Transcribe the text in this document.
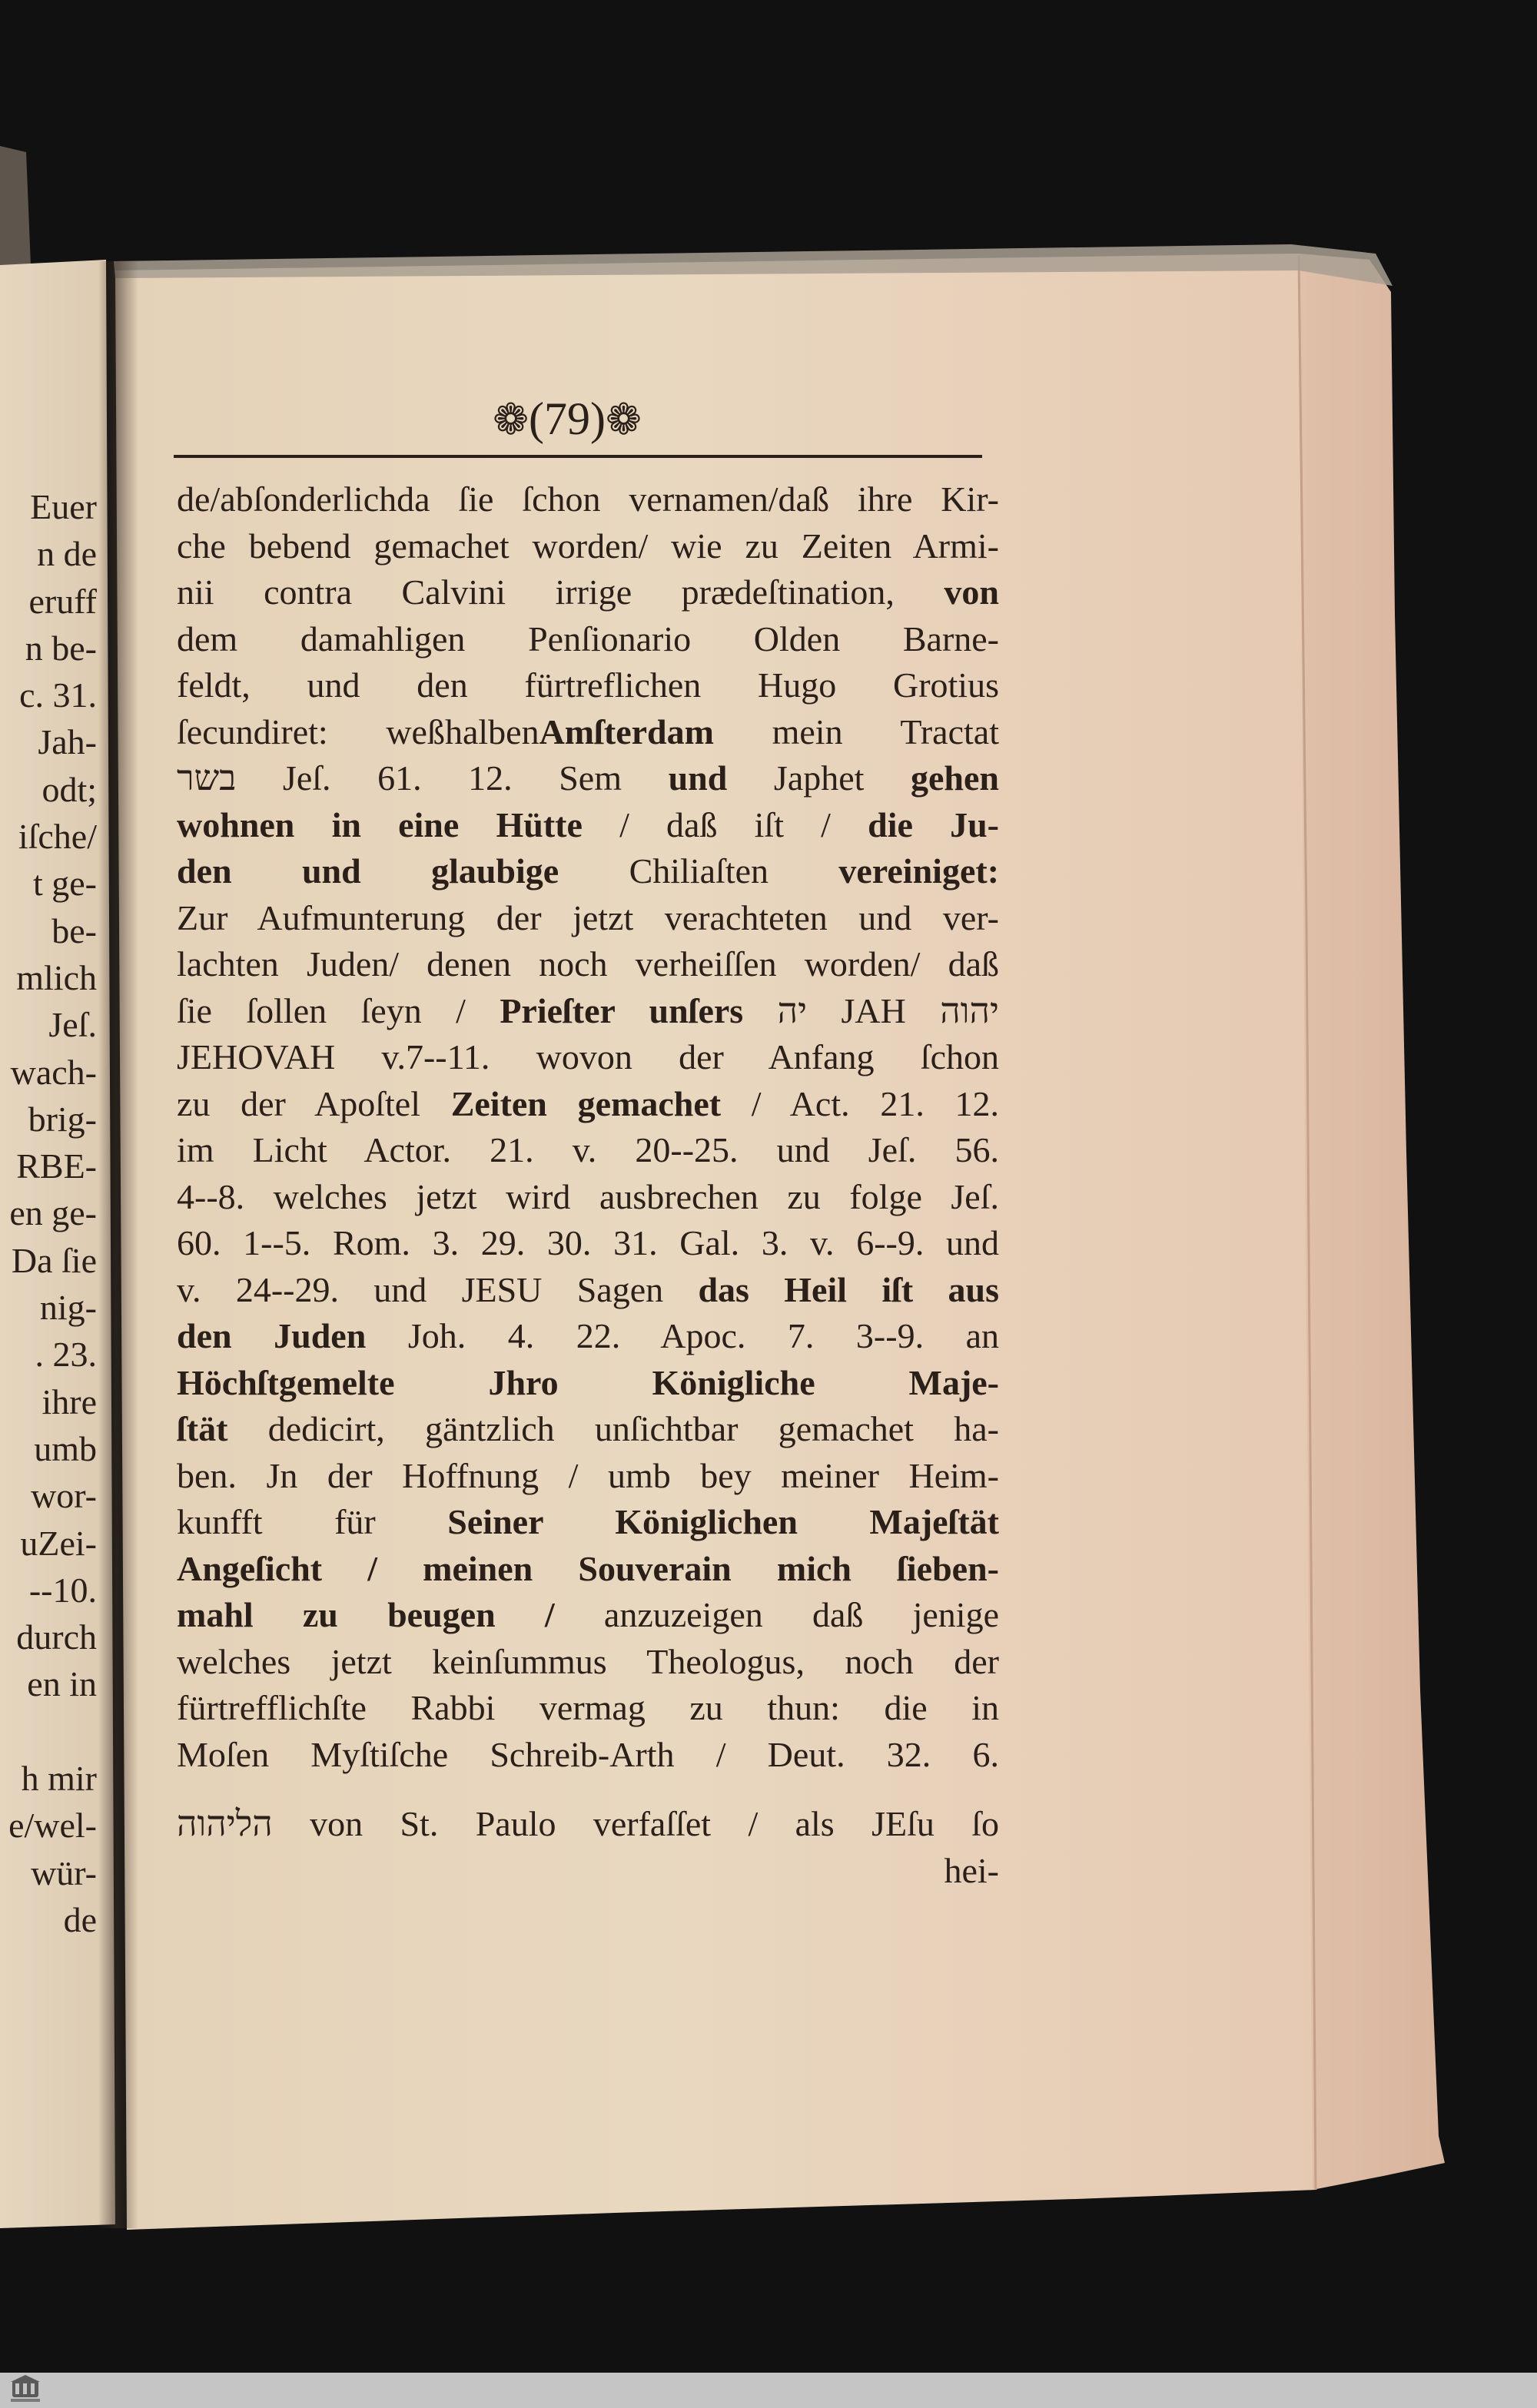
Euer
n de
eruff
n be-
c. 31.
Jah-
odt;
iſche/
t ge-
be-
mlich
Jeſ.
wach-
brig-
RBE-
en ge-
Da ſie
nig-
. 23.
ihre
umb
wor-
uZei-
--10.
durch
en in
h mir
e/wel-
wür-
de
❁ (79)❁
de/abſonderlichda ſie ſchon vernamen/daß ihre Kir-
che bebend gemachet worden/ wie zu Zeiten Armi-
nii contra Calvini irrige prædeſtination, von
dem damahligen Penſionario Olden Barne-
feldt, und den fürtreflichen Hugo Grotius
ſecundiret: weßhalbenAmſterdam mein Tractat
בשר Jeſ. 61. 12. Sem und Japhet gehen
wohnen in eine Hütte / daß iſt / die Ju-
den und glaubige Chiliaſten vereiniget:
Zur Aufmunterung der jetzt verachteten und ver-
lachten Juden/ denen noch verheiſſen worden/ daß
ſie ſollen ſeyn / Prieſter unſers יה JAH יהוה
JEHOVAH v.7--11. wovon der Anfang ſchon
zu der Apoſtel Zeiten gemachet / Act. 21. 12.
im Licht Actor. 21. v. 20--25. und Jeſ. 56.
4--8. welches jetzt wird ausbrechen zu folge Jeſ.
60. 1--5. Rom. 3. 29. 30. 31. Gal. 3. v. 6--9. und
v. 24--29. und JESU Sagen das Heil iſt aus
den Juden Joh. 4. 22. Apoc. 7. 3--9. an
Höchſtgemelte Jhro Königliche Maje-
ſtät dedicirt, gäntzlich unſichtbar gemachet ha-
ben. Jn der Hoffnung / umb bey meiner Heim-
kunfft für Seiner Königlichen Majeſtät
Angeſicht / meinen Souverain mich ſieben-
mahl zu beugen / anzuzeigen daß jenige
welches jetzt keinſummus Theologus, noch der
fürtrefflichſte Rabbi vermag zu thun: die in
Moſen Myſtiſche Schreib-Arth / Deut. 32. 6.
הליהוה von St. Paulo verfaſſet / als JEſu ſo
hei-
